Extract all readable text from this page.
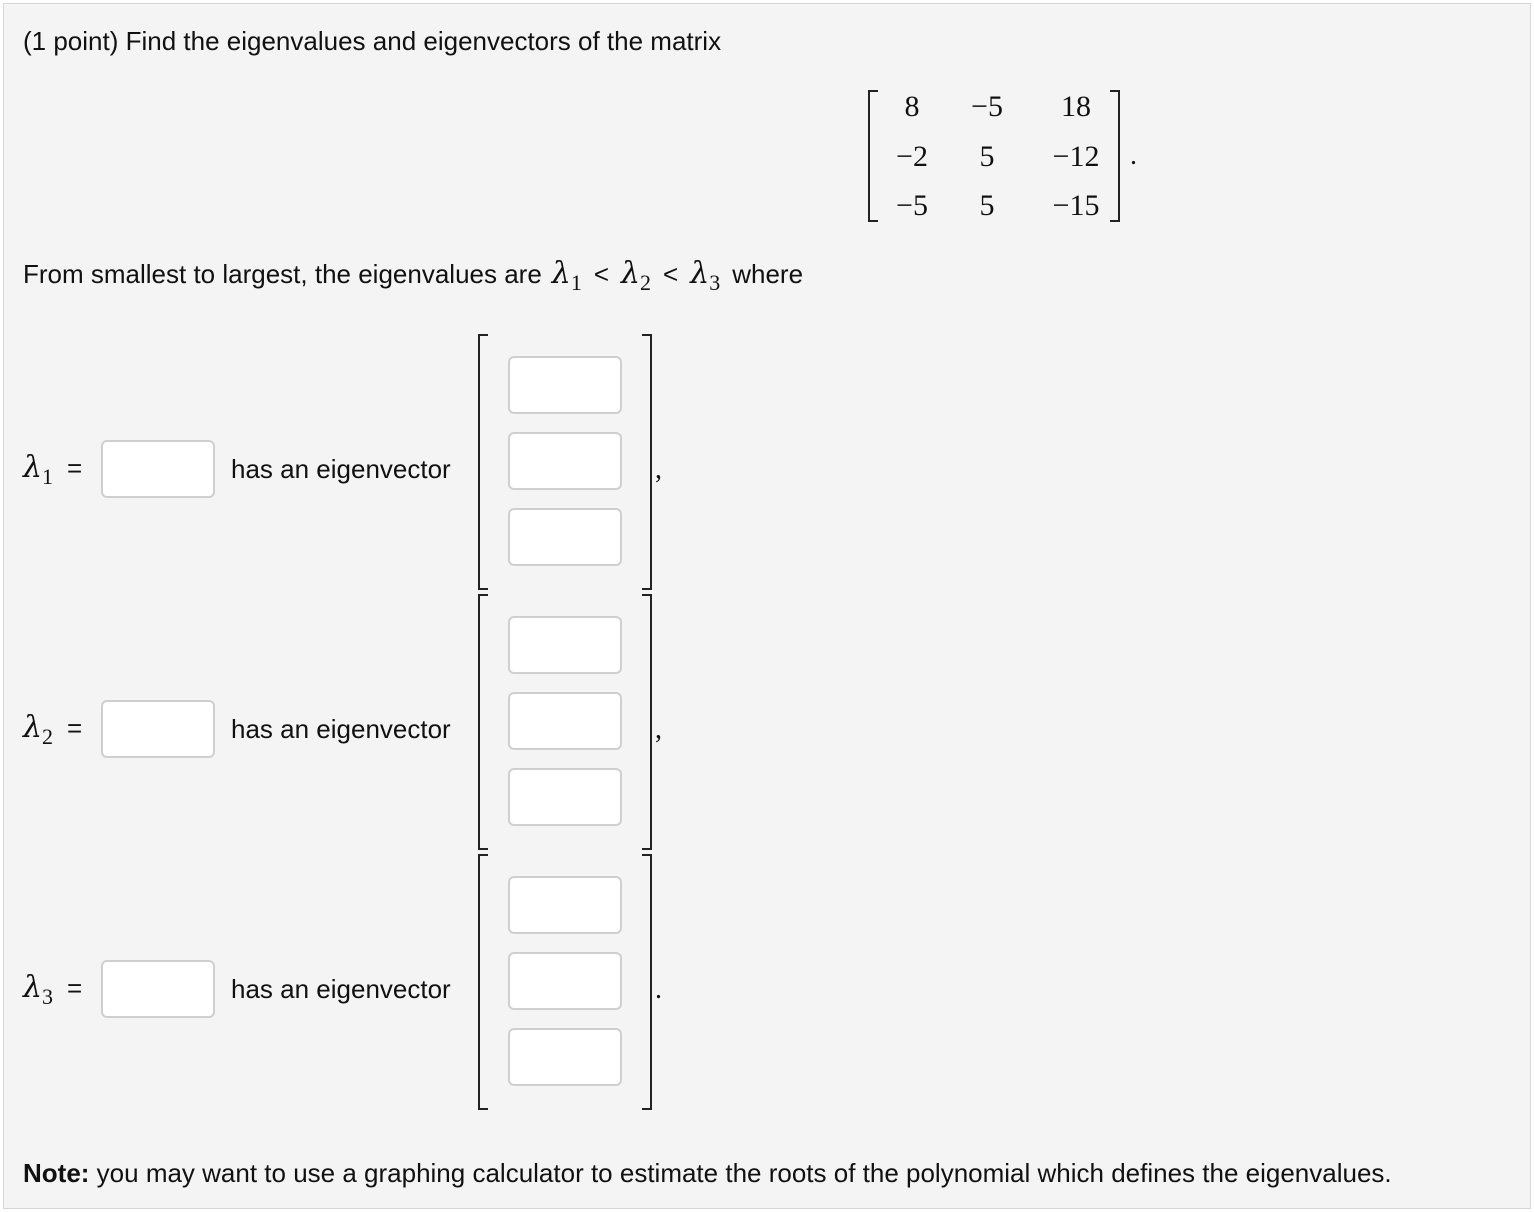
(1 point) Find the eigenvalues and eigenvectors of the matrix
8	−5	18
−2	5	−12
−5	5	−15
.
From smallest to largest, the eigenvalues are λ 1 < λ 2 < λ 3 where
λ 1 =	has an eigenvector	,
λ 2 =	has an eigenvector	,
λ 3 =	has an eigenvector	.
Note: you may want to use a graphing calculator to estimate the roots of the polynomial which defines the eigenvalues.
